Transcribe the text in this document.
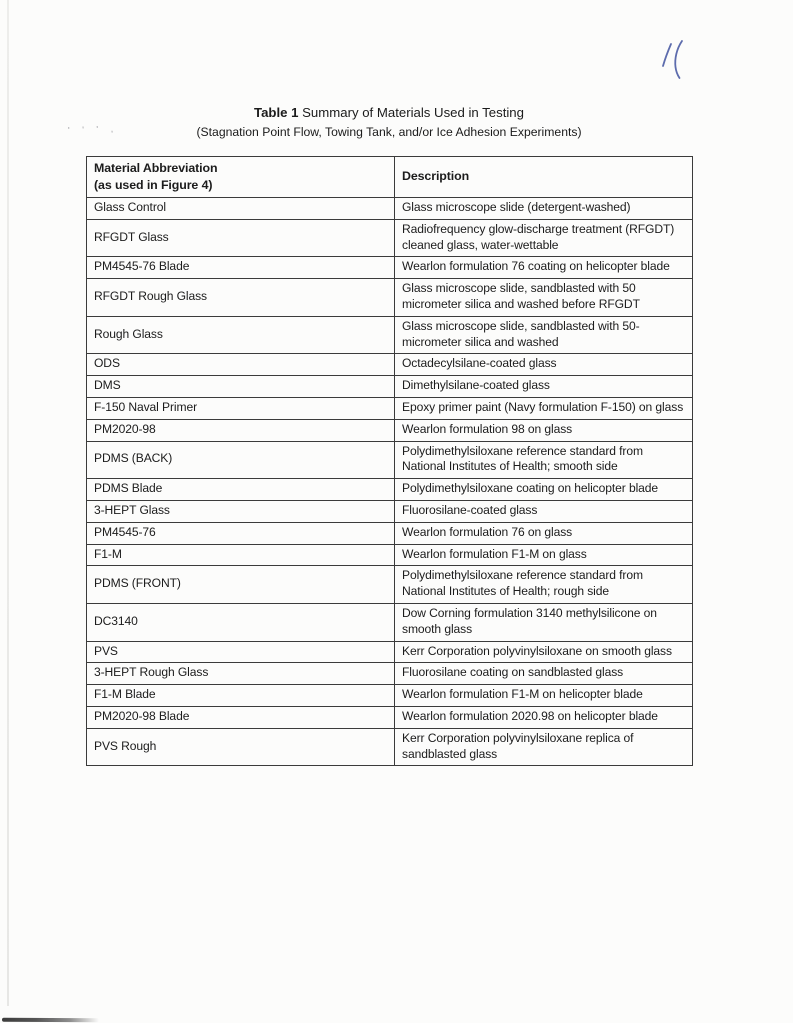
' ' ' ,
Table 1 Summary of Materials Used in Testing
(Stagnation Point Flow, Towing Tank, and/or Ice Adhesion Experiments)
Material Abbreviation
(as used in Figure 4)	Description
Glass Control	Glass microscope slide (detergent-washed)
RFGDT Glass	Radiofrequency glow-discharge treatment (RFGDT) cleaned glass, water-wettable
PM4545-76 Blade	Wearlon formulation 76 coating on helicopter blade
RFGDT Rough Glass	Glass microscope slide, sandblasted with 50 micrometer silica and washed before RFGDT
Rough Glass	Glass microscope slide, sandblasted with 50-micrometer silica and washed
ODS	Octadecylsilane-coated glass
DMS	Dimethylsilane-coated glass
F-150 Naval Primer	Epoxy primer paint (Navy formulation F-150) on glass
PM2020-98	Wearlon formulation 98 on glass
PDMS (BACK)	Polydimethylsiloxane reference standard from National Institutes of Health; smooth side
PDMS Blade	Polydimethylsiloxane coating on helicopter blade
3-HEPT Glass	Fluorosilane-coated glass
PM4545-76	Wearlon formulation 76 on glass
F1-M	Wearlon formulation F1-M on glass
PDMS (FRONT)	Polydimethylsiloxane reference standard from National Institutes of Health; rough side
DC3140	Dow Corning formulation 3140 methylsilicone on smooth glass
PVS	Kerr Corporation polyvinylsiloxane on smooth glass
3-HEPT Rough Glass	Fluorosilane coating on sandblasted glass
F1-M Blade	Wearlon formulation F1-M on helicopter blade
PM2020-98 Blade	Wearlon formulation 2020.98 on helicopter blade
PVS Rough	Kerr Corporation polyvinylsiloxane replica of sandblasted glass
